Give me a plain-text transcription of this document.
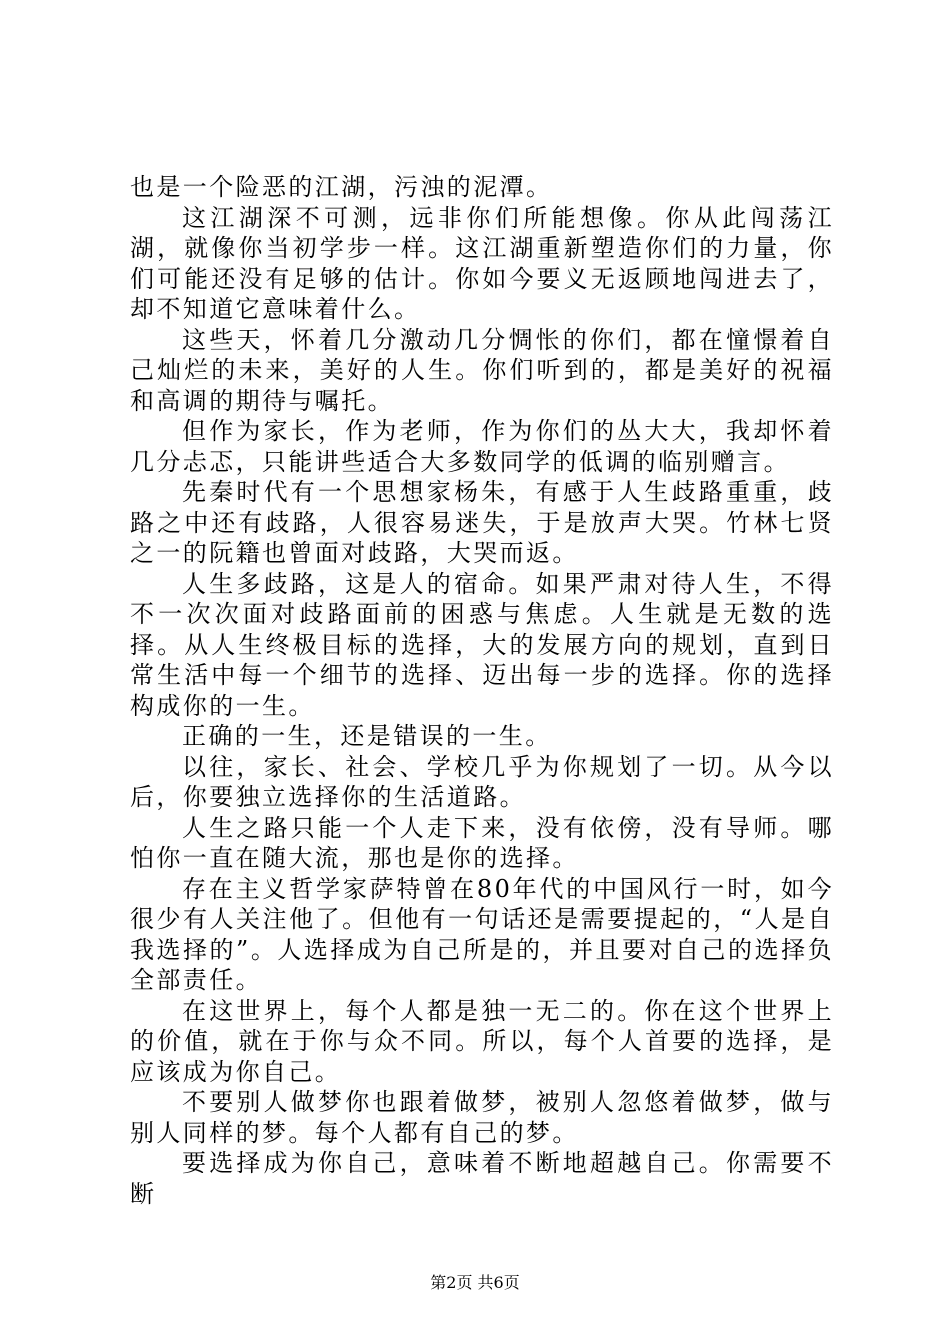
也是一个险恶的江湖，污浊的泥潭。

这江湖深不可测，远非你们所能想像。你从此闯荡江湖，就像你当初学步一样。这江湖重新塑造你们的力量，你们可能还没有足够的估计。你如今要义无返顾地闯进去了，却不知道它意味着什么。

这些天，怀着几分激动几分惆怅的你们，都在憧憬着自己灿烂的未来，美好的人生。你们听到的，都是美好的祝福和高调的期待与嘱托。

但作为家长，作为老师，作为你们的丛大大，我却怀着几分忐忑，只能讲些适合大多数同学的低调的临别赠言。

先秦时代有一个思想家杨朱，有感于人生歧路重重，歧路之中还有歧路，人很容易迷失，于是放声大哭。竹林七贤之一的阮籍也曾面对歧路，大哭而返。

人生多歧路，这是人的宿命。如果严肃对待人生，不得不一次次面对歧路面前的困惑与焦虑。人生就是无数的选择。从人生终极目标的选择，大的发展方向的规划，直到日常生活中每一个细节的选择、迈出每一步的选择。你的选择构成你的一生。

正确的一生，还是错误的一生。

以往，家长、社会、学校几乎为你规划了一切。从今以后，你要独立选择你的生活道路。

人生之路只能一个人走下来，没有依傍，没有导师。哪怕你一直在随大流，那也是你的选择。

存在主义哲学家萨特曾在80年代的中国风行一时，如今很少有人关注他了。但他有一句话还是需要提起的，“人是自我选择的”。人选择成为自己所是的，并且要对自己的选择负全部责任。

在这世界上，每个人都是独一无二的。你在这个世界上的价值，就在于你与众不同。所以，每个人首要的选择，是应该成为你自己。

不要别人做梦你也跟着做梦，被别人忽悠着做梦，做与别人同样的梦。每个人都有自己的梦。

要选择成为你自己，意味着不断地超越自己。你需要不断

第2页 共6页
